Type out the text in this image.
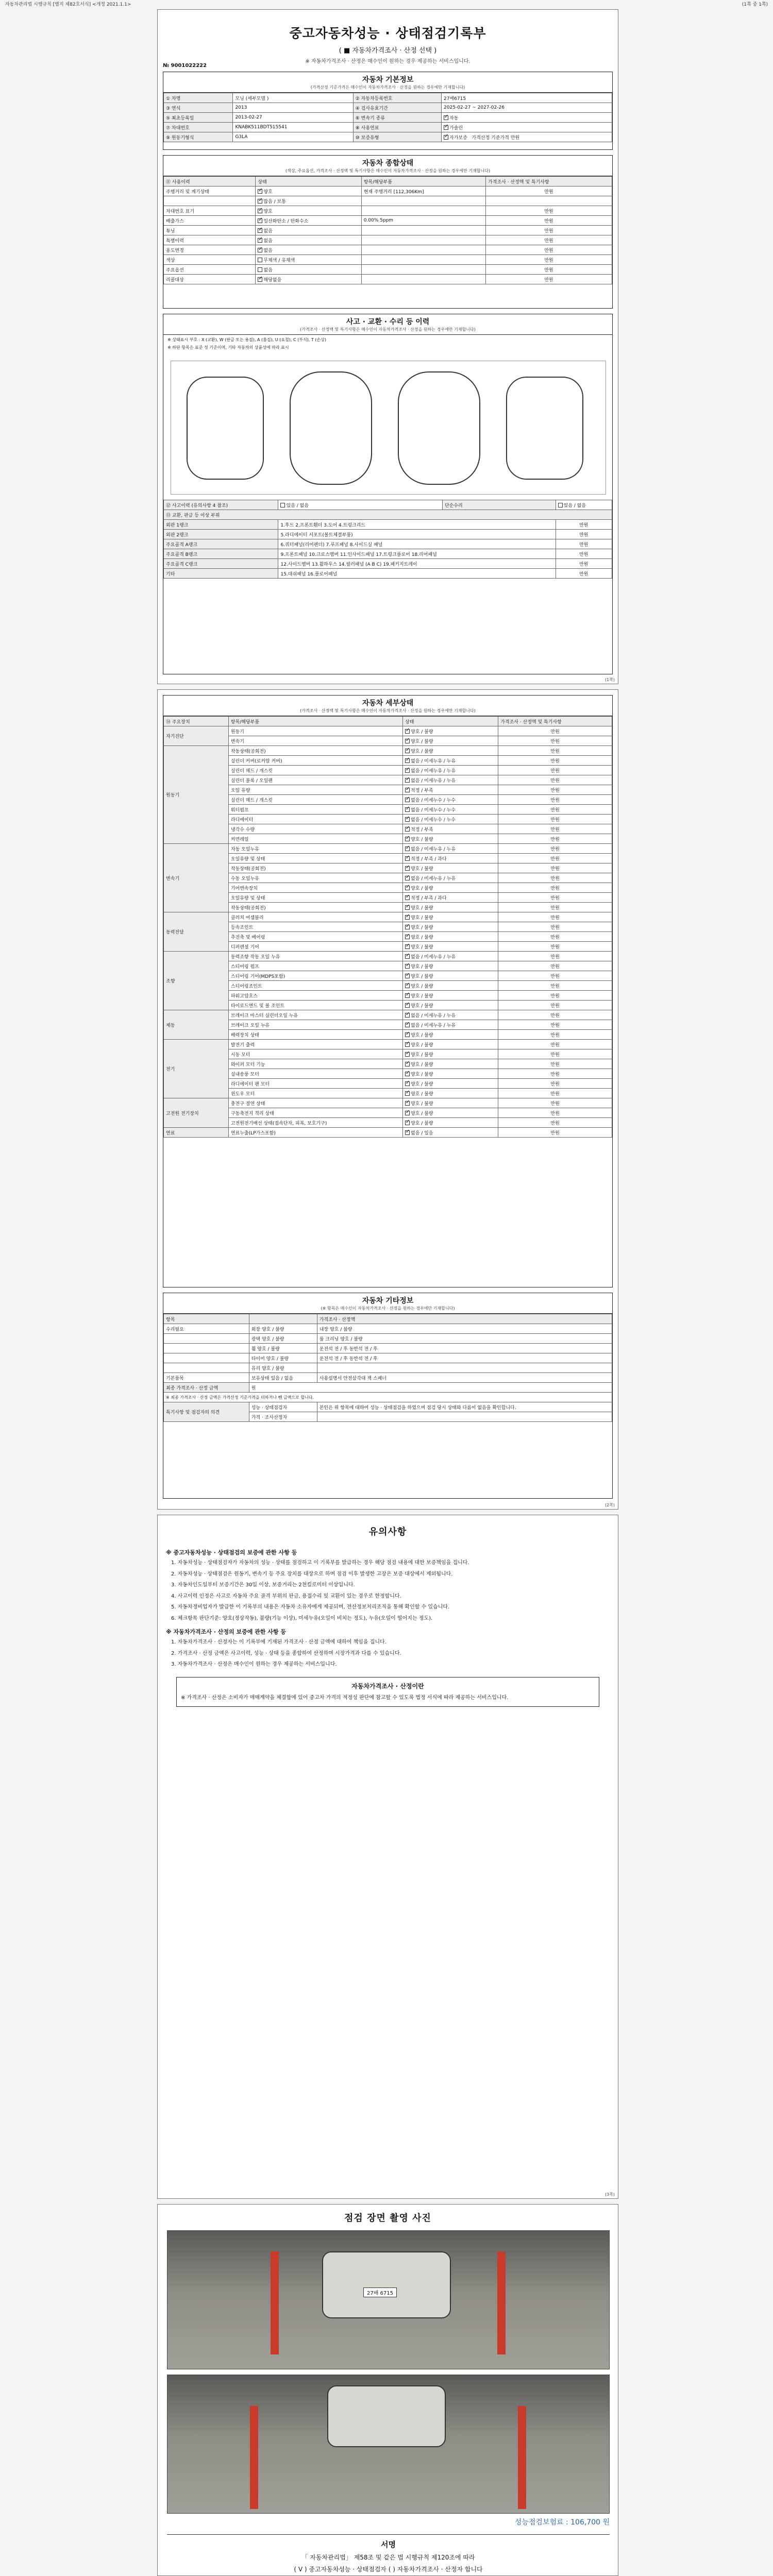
자동차관리법 시행규칙 [별지 제82호서식] <개정 2021.1.1>	(1쪽 중 1쪽)
중고자동차성능 · 상태점검기록부
( ■ 자동차가격조사 · 산정 선택 )
※ 자동차가격조사 · 산정은 매수인이 원하는 경우 제공하는 서비스입니다.
№ 9001022222
자동차 기본정보
(가격산정 기준가격은 매수인이 자동차가격조사 · 산정을 원하는 경우에만 기재합니다)
① 차명	모닝 (세부모델 )	② 자동차등록번호	27배6715
③ 연식	2013	④ 검사유효기간	2025-02-27 ~ 2027-02-26
⑤ 최초등록일	2013-02-27	⑥ 변속기 종류	✓자동
⑦ 차대번호	KNABK511BDT515541	⑧ 사용연료	✓가솔린
⑨ 원동기형식	G3LA	⑩ 보증유형	✓자가보증 가격산정 기준가격 만원
자동차 종합상태
(색상, 주요옵션, 가격조사 · 산정액 및 특기사항은 매수인이 자동차가격조사 · 산정을 원하는 경우에만 기재합니다)
⑪ 사용이력	상태	항목/해당부품	가격조사 · 산정액 및 특기사항
주행거리 및 계기상태	✓양호	현재 주행거리 [112,306Km]	만원
	✓많음 / 보통		
차대번호 표기	✓양호		만원
배출가스	✓일산화탄소 / 탄화수소	0.00% 5ppm	만원
튜닝	✓없음		만원
특별이력	✓없음		만원
용도변경	✓없음		만원
색상	무채색 / 유채색		만원
주요옵션	없음		만원
리콜대상	✓해당없음		만원
사고 · 교환 · 수리 등 이력
(가격조사 · 산정액 및 특기사항은 매수인이 자동차가격조사 · 산정을 원하는 경우에만 기재합니다)
※ 상태표시 부호 : X (교환), W (판금 또는 용접), A (흠집), U (요철), C (부식), T (손상)
※ 하단 항목은 표준 정 기준이며, 기타 자동차의 상품성에 따라 표시
⑫ 사고이력 (유의사항 4 참조)	있음 / 없음	단순수리	있음 / 없음
⑬ 교환, 판금 등 이상 부위			
외판 1랭크	1.후드 2.프론트휀더 3.도어 4.트렁크리드		만원
외판 2랭크	5.라디에이터 서포트(볼트체결부품)		만원
주요골격 A랭크	6.쿼터패널(리어펜더) 7.루프패널 8.사이드실 패널		만원
주요골격 B랭크	9.프론트패널 10.크로스멤버 11.인사이드패널 17.트렁크플로어 18.리어패널		만원
주요골격 C랭크	12.사이드멤버 13.휠하우스 14.필러패널 (A B C) 19.패키지트레이		만원
기타	15.대쉬패널 16.플로어패널		만원
(1쪽)
자동차 세부상태
(가격조사 · 산정액 및 특기사항은 매수인이 자동차가격조사 · 산정을 원하는 경우에만 기재합니다)
⑭ 주요장치	항목/해당부품	상태	가격조사 · 산정액 및 특기사항
자기진단	원동기	✓양호 / 불량	만원
	변속기	✓양호 / 불량	만원
원동기	작동상태(공회전)	✓양호 / 불량	만원
	실린더 커버(로커암 커버)	✓없음 / 미세누유 / 누유	만원
	실린더 헤드 / 개스킷	✓없음 / 미세누유 / 누유	만원
	실린더 블록 / 오일팬	✓없음 / 미세누유 / 누유	만원
	오일 유량	✓적정 / 부족	만원
	실린더 헤드 / 개스킷	✓없음 / 미세누수 / 누수	만원
	워터펌프	✓없음 / 미세누수 / 누수	만원
	라디에이터	✓없음 / 미세누수 / 누수	만원
	냉각수 수량	✓적정 / 부족	만원
	커먼레일	✓양호 / 불량	만원
변속기	자동 오일누유	✓없음 / 미세누유 / 누유	만원
	오일유량 및 상태	✓적정 / 부족 / 과다	만원
	작동상태(공회전)	✓양호 / 불량	만원
	수동 오일누유	✓없음 / 미세누유 / 누유	만원
	기어변속장치	✓양호 / 불량	만원
	오일유량 및 상태	✓적정 / 부족 / 과다	만원
	작동상태(공회전)	✓양호 / 불량	만원
동력전달	클러치 어셈블리	✓양호 / 불량	만원
	등속조인트	✓양호 / 불량	만원
	추진축 및 베어링	✓양호 / 불량	만원
	디퍼렌셜 기어	✓양호 / 불량	만원
조향	동력조향 작동 오일 누유	✓없음 / 미세누유 / 누유	만원
	스티어링 펌프	✓양호 / 불량	만원
	스티어링 기어(MDPS포함)	✓양호 / 불량	만원
	스티어링조인트	✓양호 / 불량	만원
	파워고압호스	✓양호 / 불량	만원
	타이로드엔드 및 볼 조인트	✓양호 / 불량	만원
제동	브레이크 마스터 실린더오일 누유	✓없음 / 미세누유 / 누유	만원
	브레이크 오일 누유	✓없음 / 미세누유 / 누유	만원
	배력장치 상태	✓양호 / 불량	만원
전기	발전기 출력	✓양호 / 불량	만원
	시동 모터	✓양호 / 불량	만원
	와이퍼 모터 기능	✓양호 / 불량	만원
	실내송풍 모터	✓양호 / 불량	만원
	라디에이터 팬 모터	✓양호 / 불량	만원
	윈도우 모터	✓양호 / 불량	만원
고전원 전기장치	충전구 절연 상태	✓양호 / 불량	만원
	구동축전지 격리 상태	✓양호 / 불량	만원
	고전원전기배선 상태(접속단자, 피복, 보호기구)	✓양호 / 불량	만원
연료	연료누출(LP가스포함)	✓없음 / 있음	만원
자동차 기타정보
(※ 항목은 매수인이 자동차가격조사 · 산정을 원하는 경우에만 기재합니다)
항목		가격조사 · 산정액
수리필요	외장 양호 / 불량	내장 양호 / 불량
	광택 양호 / 불량	룸 크리닝 양호 / 불량
	휠 양호 / 불량	운전석 전 / 후 동반석 전 / 후
	타이어 양호 / 불량	운전석 전 / 후 동반석 전 / 후
	유리 양호 / 불량	
기본품목	보유상태 있음 / 없음	사용설명서 안전삼각대 잭 스패너
최종 가격조사 · 산정 금액	원	
※ 최종 가격조사 · 산정 금액은 가격산정 기준가격을 더하거나 뺀 금액으로 합니다.		
특기사항 및 점검자의 의견	성능 · 상태점검자	본인은 위 항목에 대하여 성능 · 상태점검을 하였으며 점검 당시 상태와 다름이 없음을 확인합니다.
	가격 · 조사산정자	
(2쪽)
유의사항
※ 중고자동차성능 · 상태점검의 보증에 관한 사항 등

1. 자동차성능 · 상태점검자가 자동차의 성능 · 상태를 점검하고 이 기록부를 발급하는 경우 해당 점검 내용에 대한 보증책임을 집니다.

2. 자동차성능 · 상태점검은 원동기, 변속기 등 주요 장치를 대상으로 하며 점검 이후 발생한 고장은 보증 대상에서 제외됩니다.

3. 자동차인도일부터 보증기간은 30일 이상, 보증거리는 2천킬로미터 이상입니다.

4. 사고이력 인정은 사고로 자동차 주요 골격 부위의 판금, 용접수리 및 교환이 있는 경우로 한정합니다.

5. 자동차정비업자가 발급한 이 기록부의 내용은 자동차 소유자에게 제공되며, 전산정보처리조직을 통해 확인할 수 있습니다.

6. 체크항목 판단기준: 양호(정상작동), 불량(기능 이상), 미세누유(오일이 비치는 정도), 누유(오일이 떨어지는 정도).

※ 자동차가격조사 · 산정의 보증에 관한 사항 등

1. 자동차가격조사 · 산정자는 이 기록부에 기재된 가격조사 · 산정 금액에 대하여 책임을 집니다.

2. 가격조사 · 산정 금액은 사고이력, 성능 · 상태 등을 종합하여 산정하며 시장가격과 다를 수 있습니다.

3. 자동차가격조사 · 산정은 매수인이 원하는 경우 제공하는 서비스입니다.

자동차가격조사 · 산정이란
※ 가격조사 · 산정은 소비자가 매매계약을 체결함에 있어 중고차 가격의 적정성 판단에 참고할 수 있도록 법정 서식에 따라 제공하는 서비스입니다.
(3쪽)
점검 장면 촬영 사진
27배 6715
성능점검보험료 : 106,700 원
서명
「 자동차관리법」 제58조 및 같은 법 시행규칙 제120조에 따라
( V ) 중고자동차성능 · 상태점검자 ( ) 자동차가격조사 · 산정자 합니다
